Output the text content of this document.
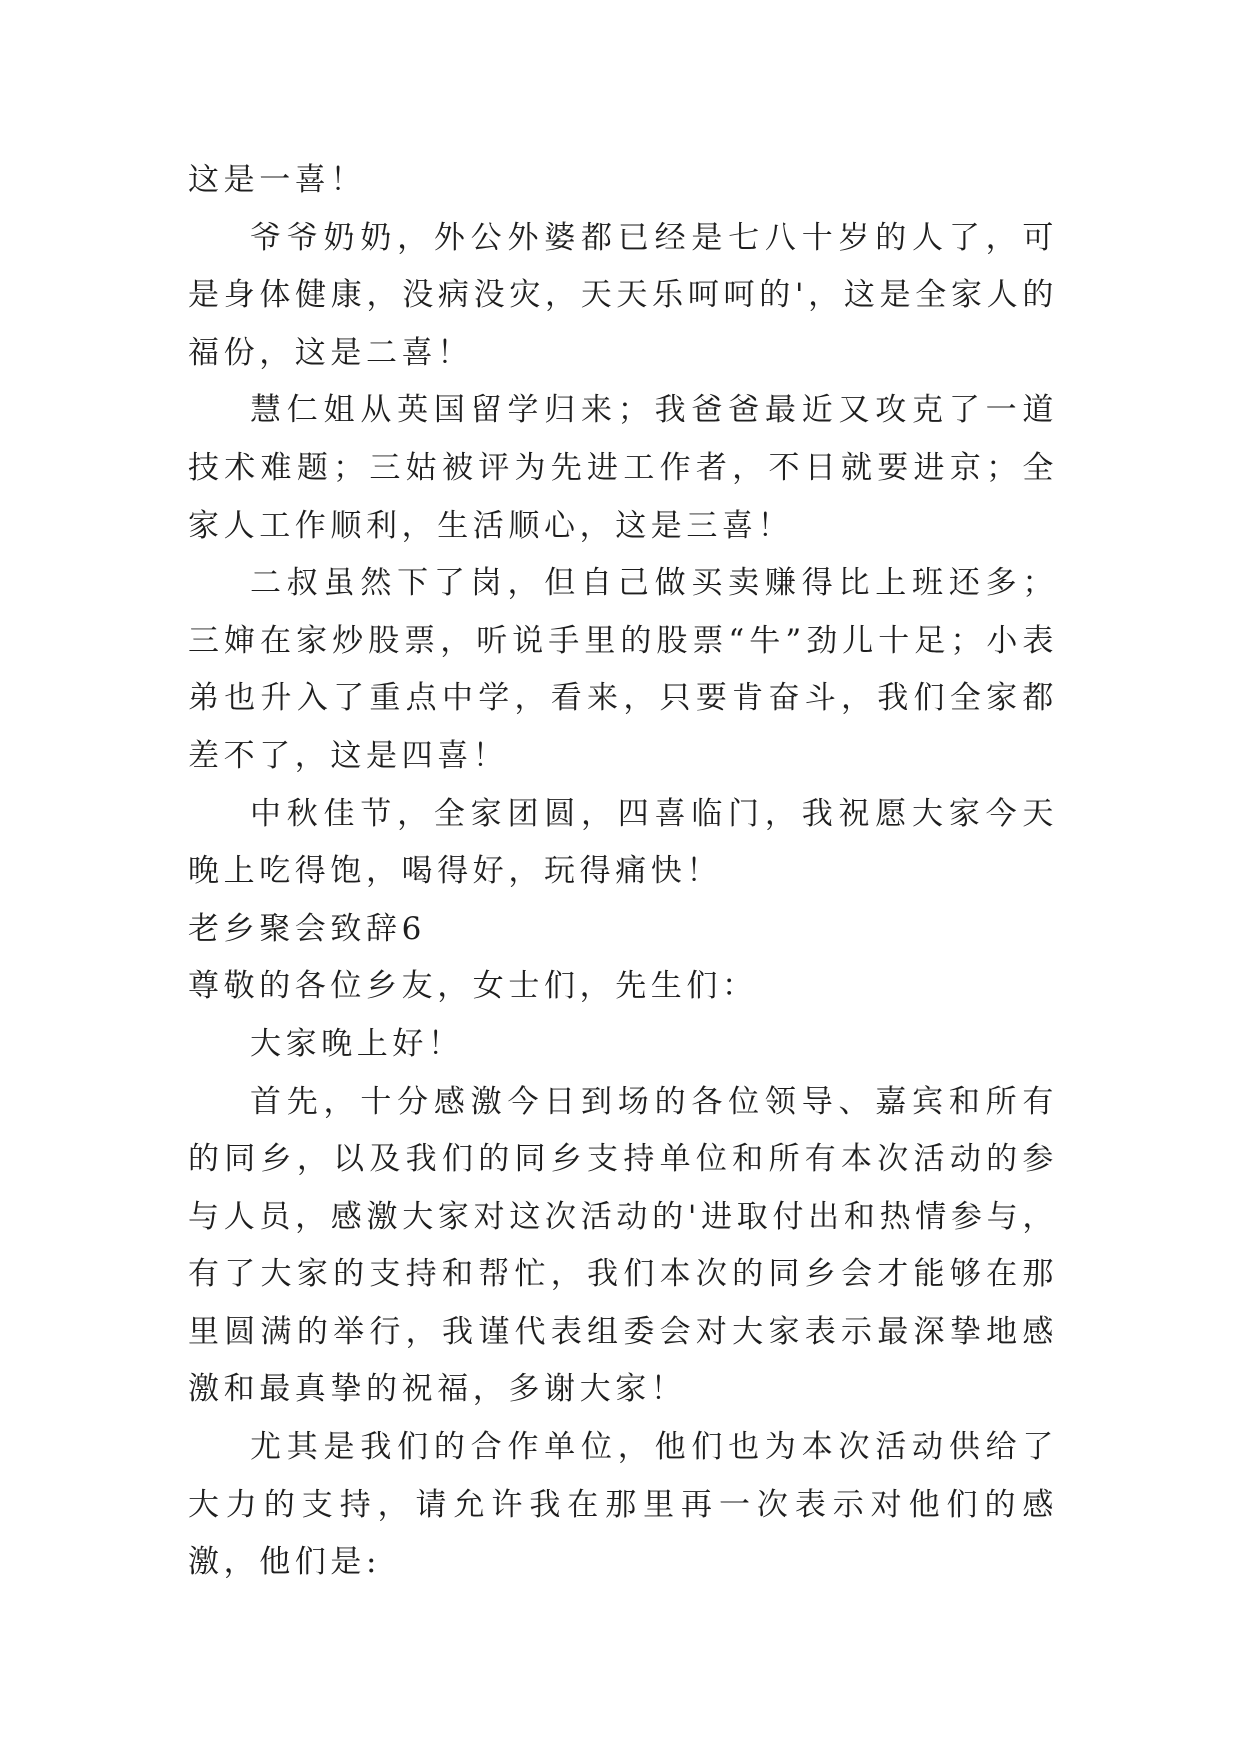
这是一喜！

爷爷奶奶，外公外婆都已经是七八十岁的人了，可是身体健康，没病没灾，天天乐呵呵的'，这是全家人的福份，这是二喜！

慧仁姐从英国留学归来；我爸爸最近又攻克了一道技术难题；三姑被评为先进工作者，不日就要进京；全家人工作顺利，生活顺心，这是三喜！

二叔虽然下了岗，但自己做买卖赚得比上班还多；三婶在家炒股票，听说手里的股票“牛”劲儿十足；小表弟也升入了重点中学，看来，只要肯奋斗，我们全家都差不了，这是四喜！

中秋佳节，全家团圆，四喜临门，我祝愿大家今天晚上吃得饱，喝得好，玩得痛快！

老乡聚会致辞6

尊敬的各位乡友，女士们，先生们：

大家晚上好！

首先，十分感激今日到场的各位领导、嘉宾和所有的同乡，以及我们的同乡支持单位和所有本次活动的参与人员，感激大家对这次活动的'进取付出和热情参与，有了大家的支持和帮忙，我们本次的同乡会才能够在那里圆满的举行，我谨代表组委会对大家表示最深挚地感激和最真挚的祝福，多谢大家！

尤其是我们的合作单位，他们也为本次活动供给了大力的支持，请允许我在那里再一次表示对他们的感激，他们是:
